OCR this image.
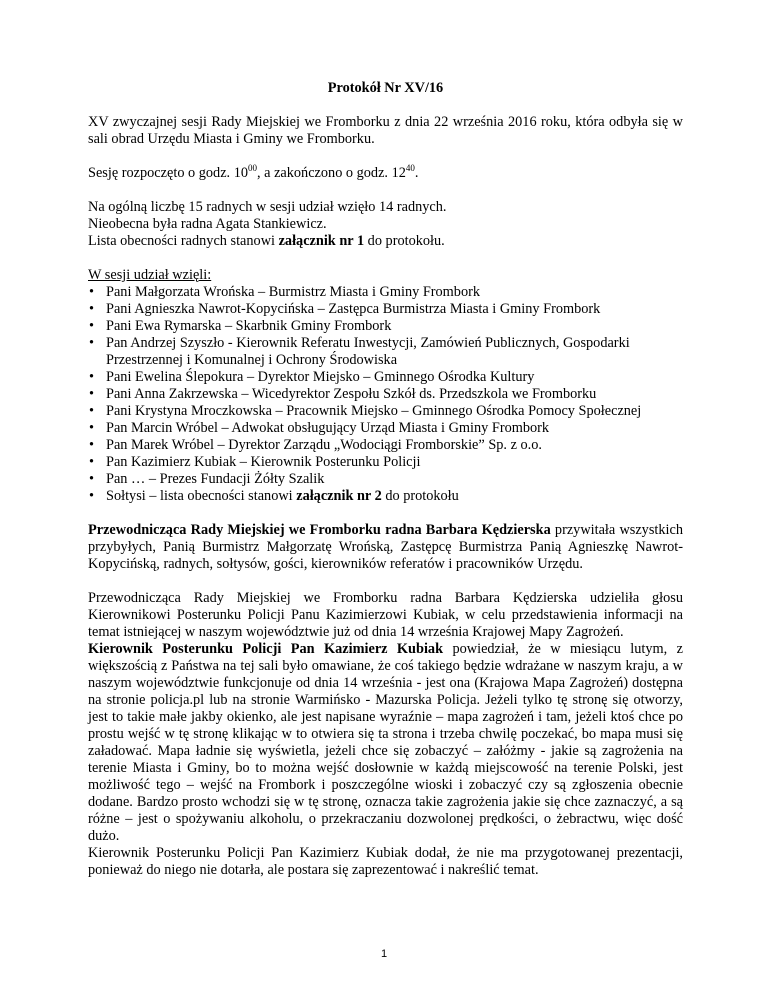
Protokół Nr XV/16

XV zwyczajnej sesji Rady Miejskiej we Fromborku z dnia 22 września 2016 roku, która odbyła się w sali obrad Urzędu Miasta i Gminy we Fromborku.

Sesję rozpoczęto o godz. $10^{00}$, a zakończono o godz. $12^{40}$.

Na ogólną liczbę 15 radnych w sesji udział wzięło 14 radnych.

Nieobecna była radna Agata Stankiewicz.

Lista obecności radnych stanowi załącznik nr 1 do protokołu.

W sesji udział wzięli:

• Pani Małgorzata Wrońska – Burmistrz Miasta i Gminy Frombork
• Pani Agnieszka Nawrot-Kopycińska – Zastępca Burmistrza Miasta i Gminy Frombork
• Pani Ewa Rymarska – Skarbnik Gminy Frombork
• Pan Andrzej Szyszło - Kierownik Referatu Inwestycji, Zamówień Publicznych, Gospodarki Przestrzennej i Komunalnej i Ochrony Środowiska
• Pani Ewelina Ślepokura – Dyrektor Miejsko – Gminnego Ośrodka Kultury
• Pani Anna Zakrzewska – Wicedyrektor Zespołu Szkół ds. Przedszkola we Fromborku
• Pani Krystyna Mroczkowska – Pracownik Miejsko – Gminnego Ośrodka Pomocy Społecznej
• Pan Marcin Wróbel – Adwokat obsługujący Urząd Miasta i Gminy Frombork
• Pan Marek Wróbel – Dyrektor Zarządu „Wodociągi Fromborskie” Sp. z o.o.
• Pan Kazimierz Kubiak – Kierownik Posterunku Policji
• Pan … – Prezes Fundacji Żółty Szalik
• Sołtysi – lista obecności stanowi załącznik nr 2 do protokołu

Przewodnicząca Rady Miejskiej we Fromborku radna Barbara Kędzierska przywitała wszystkich przybyłych, Panią Burmistrz Małgorzatę Wrońską, Zastępcę Burmistrza Panią Agnieszkę Nawrot-Kopycińską, radnych, sołtysów, gości, kierowników referatów i pracowników Urzędu.

Przewodnicząca Rady Miejskiej we Fromborku radna Barbara Kędzierska udzieliła głosu Kierownikowi Posterunku Policji Panu Kazimierzowi Kubiak, w celu przedstawienia informacji na temat istniejącej w naszym województwie już od dnia 14 września Krajowej Mapy Zagrożeń.

Kierownik Posterunku Policji Pan Kazimierz Kubiak powiedział, że w miesiącu lutym, z większością z Państwa na tej sali było omawiane, że coś takiego będzie wdrażane w naszym kraju, a w naszym województwie funkcjonuje od dnia 14 września - jest ona (Krajowa Mapa Zagrożeń) dostępna na stronie policja.pl lub na stronie Warmińsko - Mazurska Policja. Jeżeli tylko tę stronę się otworzy, jest to takie małe jakby okienko, ale jest napisane wyraźnie – mapa zagrożeń i tam, jeżeli ktoś chce po prostu wejść w tę stronę klikając w to otwiera się ta strona i trzeba chwilę poczekać, bo mapa musi się załadować. Mapa ładnie się wyświetla, jeżeli chce się zobaczyć – załóżmy - jakie są zagrożenia na terenie Miasta i Gminy, bo to można wejść dosłownie w każdą miejscowość na terenie Polski, jest możliwość tego – wejść na Frombork i poszczególne wioski i zobaczyć czy są zgłoszenia obecnie dodane. Bardzo prosto wchodzi się w tę stronę, oznacza takie zagrożenia jakie się chce zaznaczyć, a są różne – jest o spożywaniu alkoholu, o przekraczaniu dozwolonej prędkości, o żebractwu, więc dość dużo.

Kierownik Posterunku Policji Pan Kazimierz Kubiak dodał, że nie ma przygotowanej prezentacji, ponieważ do niego nie dotarła, ale postara się zaprezentować i nakreślić temat.

1
